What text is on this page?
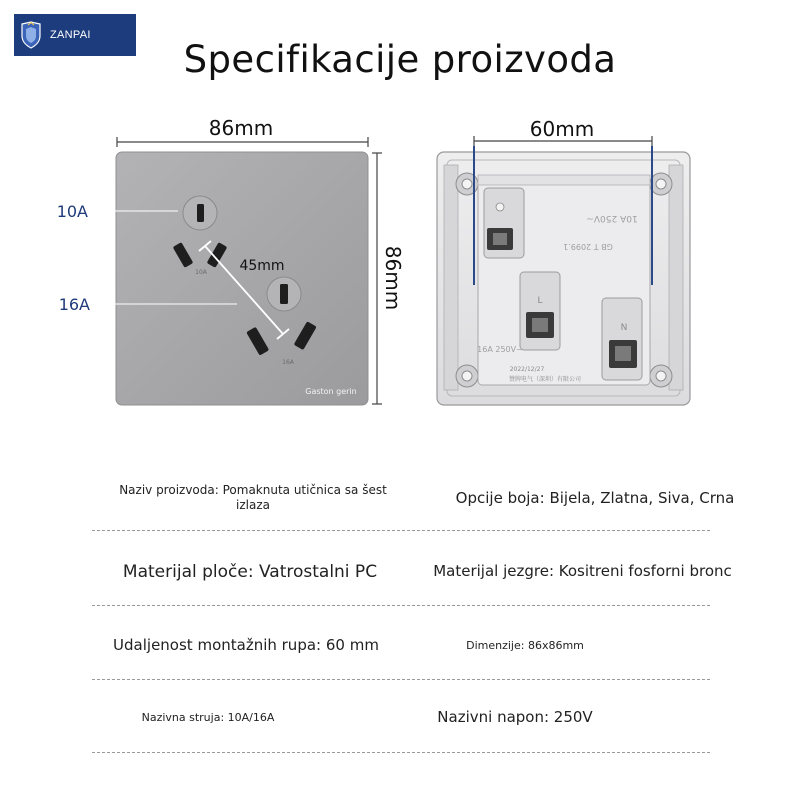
ZANPAI
Specifikacije proizvoda
86mm
86mm
10A
16A
45mm
10A
16A
Gaston gerin
60mm
L
N
10A 250V~
GB T 2099.1
16A 250V~
2022/12/27
赞牌电气（深圳）有限公司
Naziv proizvoda: Pomaknuta utičnica sa šest izlaza	Opcije boja: Bijela, Zlatna, Siva, Crna
Materijal ploče: Vatrostalni PC	Materijal jezgre: Kositreni fosforni bronc
Udaljenost montažnih rupa: 60 mm	Dimenzije: 86x86mm
Nazivna struja: 10A/16A	Nazivni napon: 250V
